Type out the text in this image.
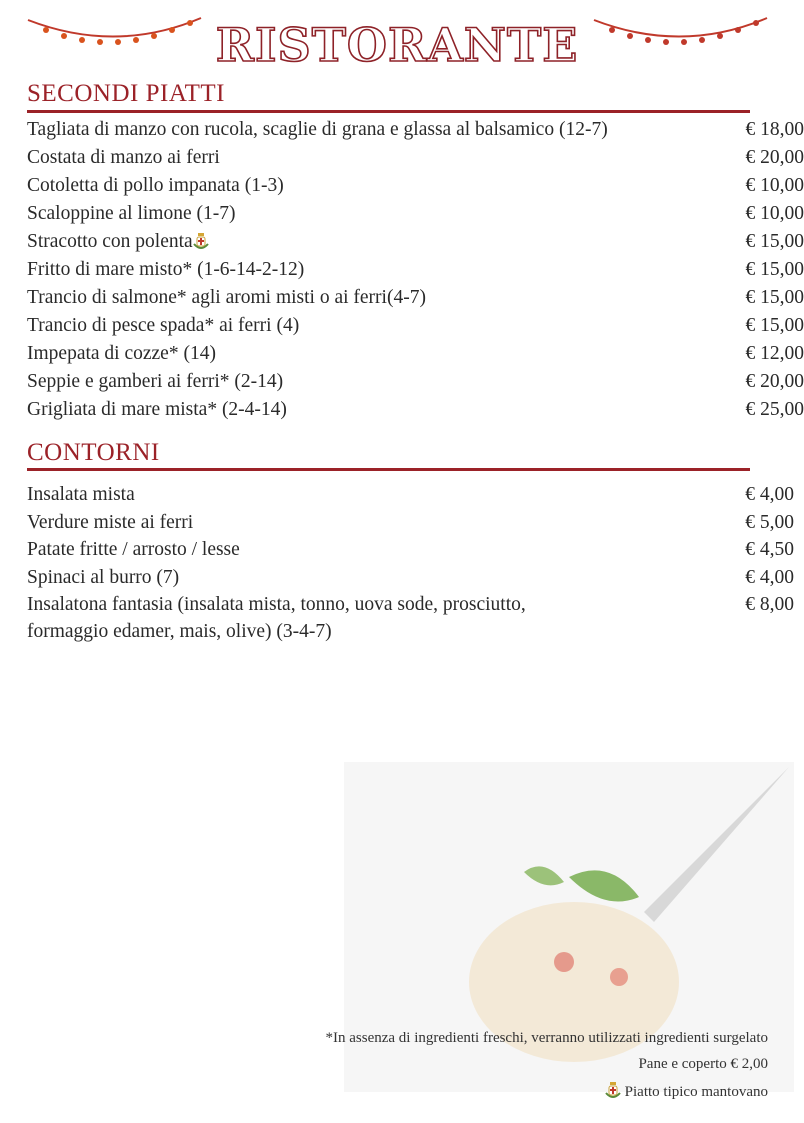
RISTORANTE
SECONDI PIATTI
Tagliata di manzo con rucola, scaglie di grana e glassa al balsamico (12-7)	€ 18,00
Costata di manzo ai ferri	€ 20,00
Cotoletta di pollo impanata (1-3)	€ 10,00
Scaloppine al limone (1-7)	€ 10,00
Stracotto con polenta	€ 15,00
Fritto di mare misto* (1-6-14-2-12)	€ 15,00
Trancio di salmone* agli aromi misti o ai ferri(4-7)	€ 15,00
Trancio di pesce spada* ai ferri (4)	€ 15,00
Impepata di cozze* (14)	€ 12,00
Seppie e gamberi ai ferri* (2-14)	€ 20,00
Grigliata di mare mista* (2-4-14)	€ 25,00
CONTORNI
Insalata mista	€ 4,00
Verdure miste ai ferri	€ 5,00
Patate fritte / arrosto / lesse	€ 4,50
Spinaci al burro (7)	€ 4,00
Insalatona fantasia (insalata mista, tonno, uova sode, prosciutto,	€ 8,00
formaggio edamer, mais, olive) (3-4-7)
*In assenza di ingredienti freschi, verranno utilizzati ingredienti surgelato
Pane e coperto € 2,00
Piatto tipico mantovano
